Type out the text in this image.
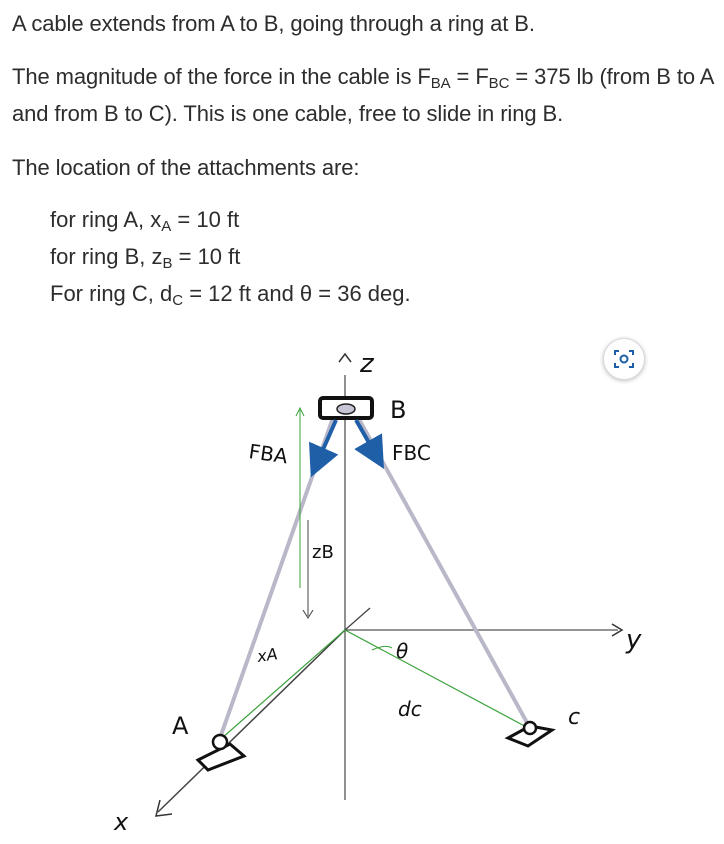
A cable extends from A to B, going through a ring at B.

The magnitude of the force in the cable is $F_{BA} = F_{BC} = 375$ lb (from B to A and from B to C). This is one cable, free to slide in ring B.

The location of the attachments are:

for ring A, $x_A = 10$ ft

for ring B, $z_B = 10$ ft

For ring C, $d_C = 12$ ft and θ = 36 deg.

z
B
FBA	FBC
zB
xA	θ
dc
A	c
y
x
